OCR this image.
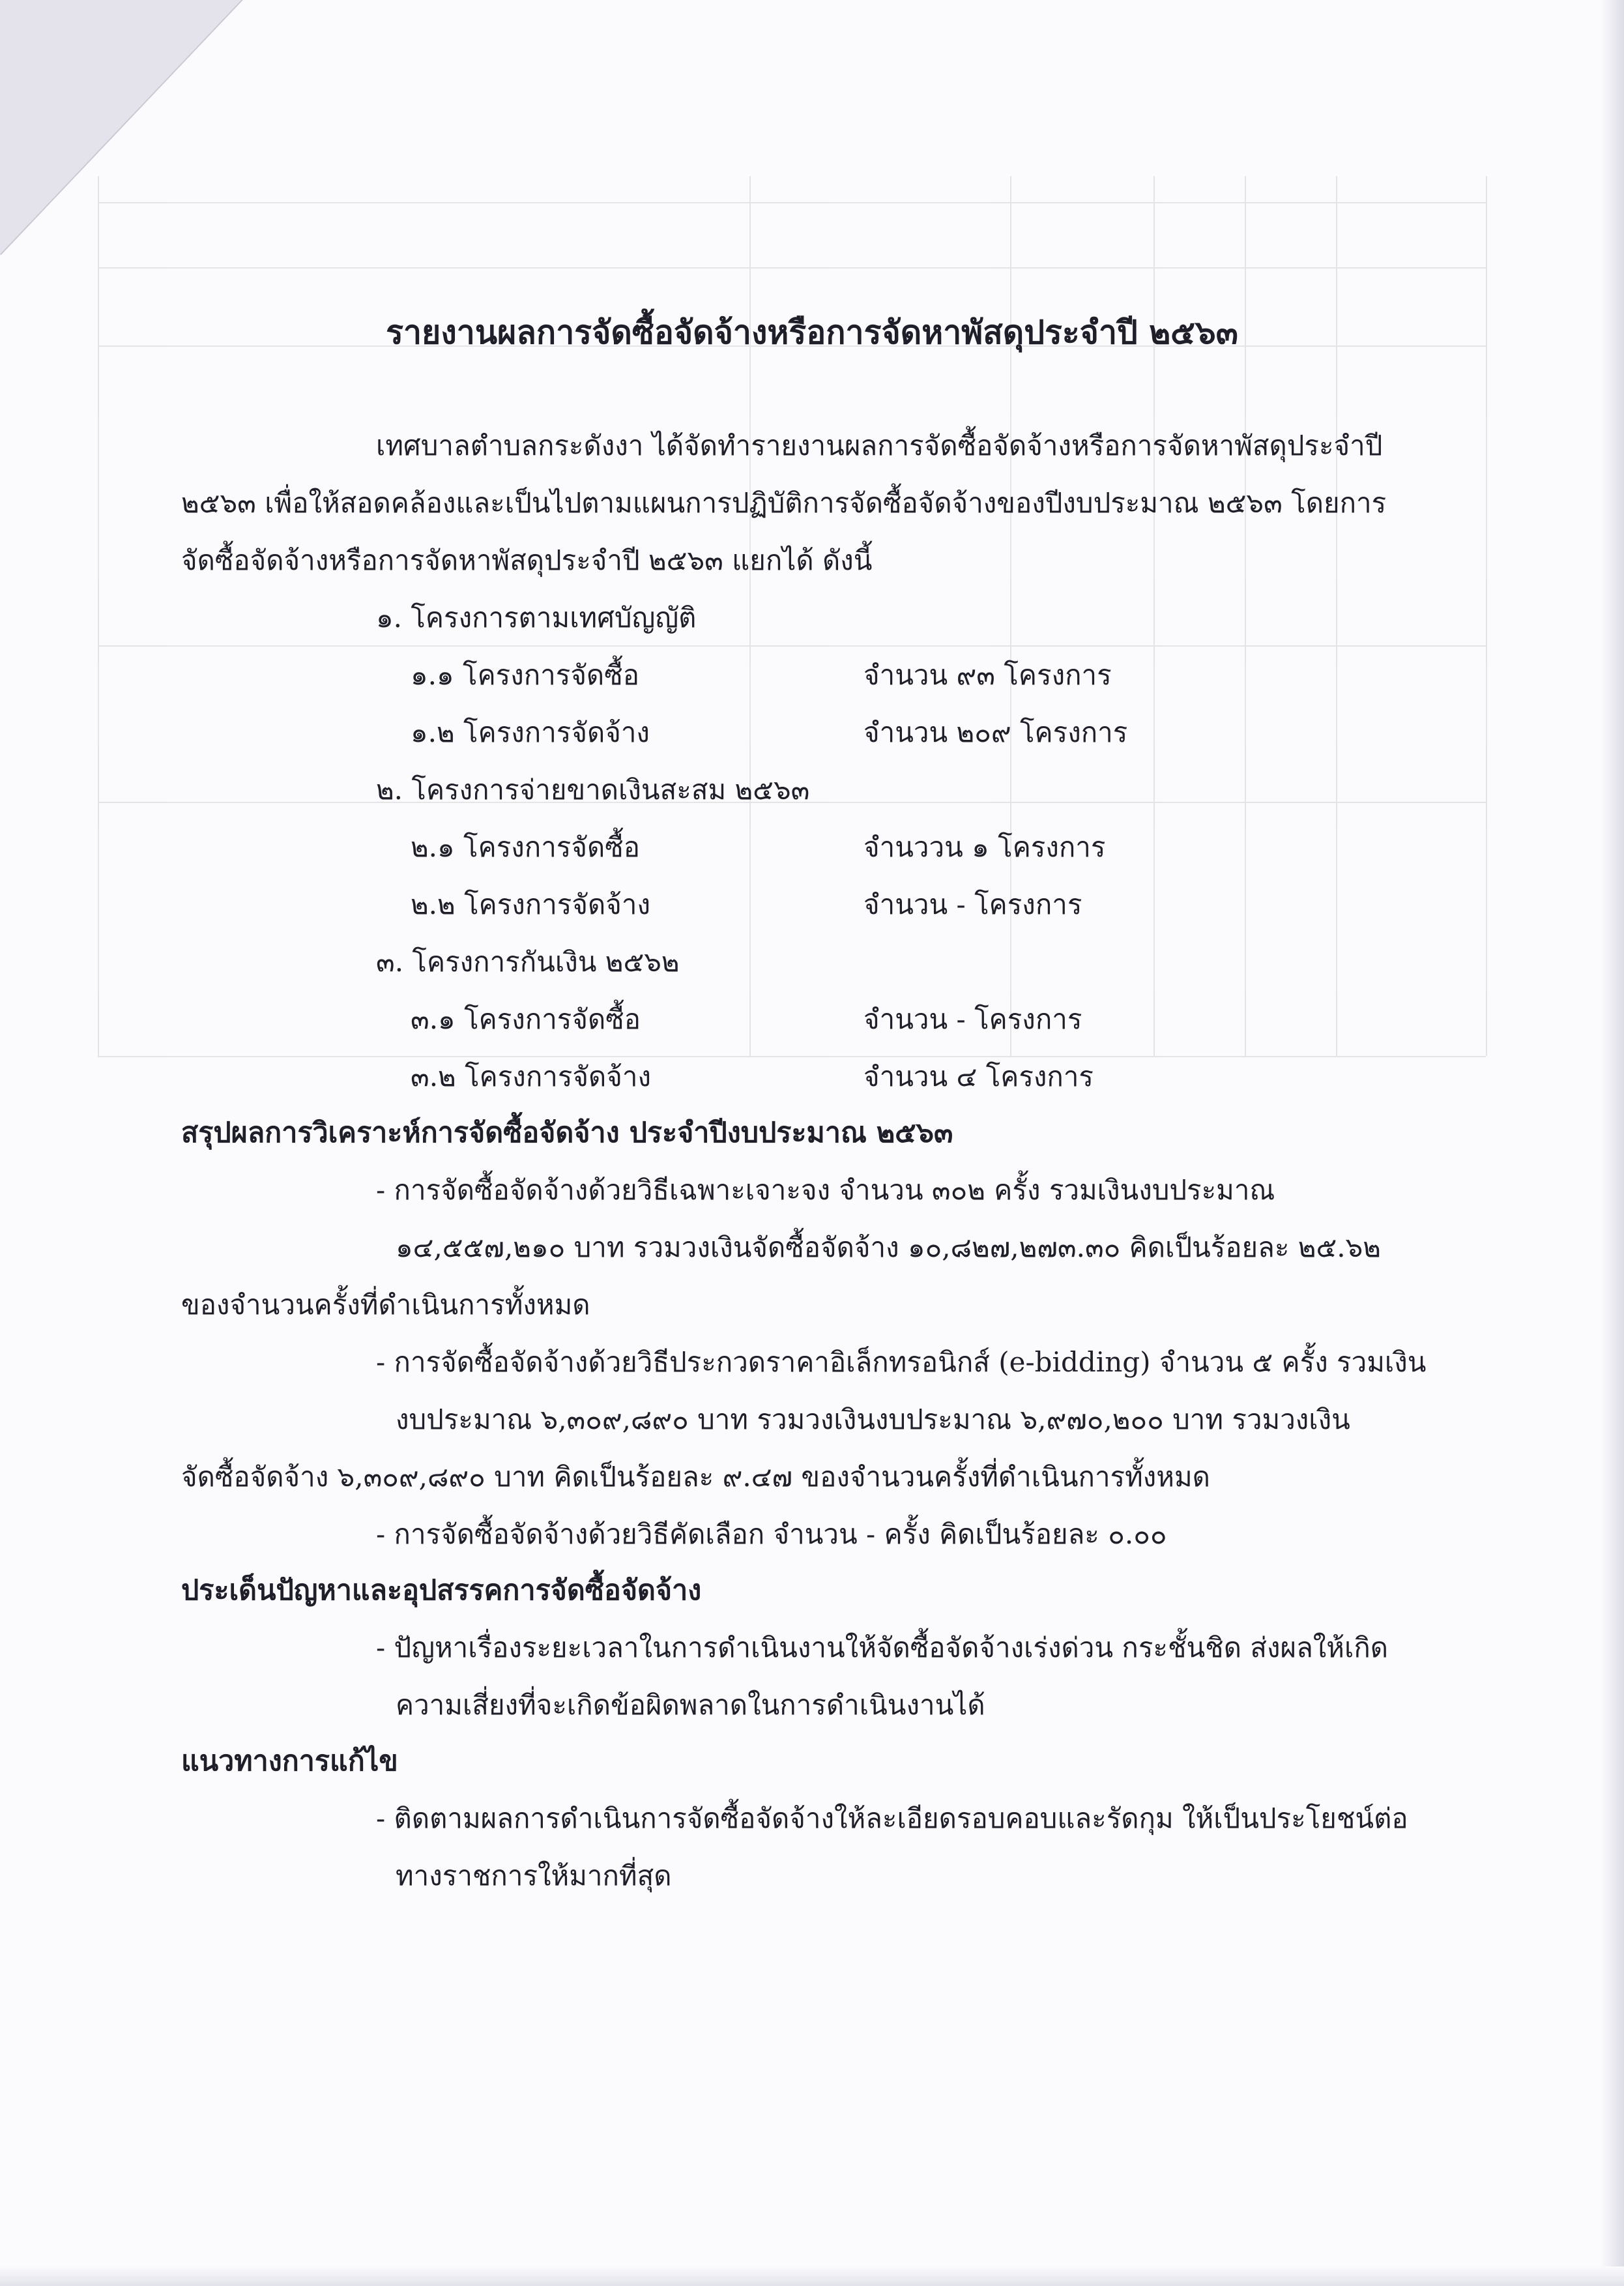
รายงานผลการจัดซื้อจัดจ้างหรือการจัดหาพัสดุประจำปี ๒๕๖๓
เทศบาลตำบลกระดังงา ได้จัดทำรายงานผลการจัดซื้อจัดจ้างหรือการจัดหาพัสดุประจำปี
๒๕๖๓ เพื่อให้สอดคล้องและเป็นไปตามแผนการปฏิบัติการจัดซื้อจัดจ้างของปีงบประมาณ ๒๕๖๓ โดยการ
จัดซื้อจัดจ้างหรือการจัดหาพัสดุประจำปี ๒๕๖๓ แยกได้ ดังนี้
๑. โครงการตามเทศบัญญัติ
๑.๑ โครงการจัดซื้อ	จำนวน ๙๓ โครงการ
๑.๒ โครงการจัดจ้าง	จำนวน ๒๐๙ โครงการ
๒. โครงการจ่ายขาดเงินสะสม ๒๕๖๓
๒.๑ โครงการจัดซื้อ	จำนววน ๑ โครงการ
๒.๒ โครงการจัดจ้าง	จำนวน - โครงการ
๓. โครงการกันเงิน ๒๕๖๒
๓.๑ โครงการจัดซื้อ	จำนวน - โครงการ
๓.๒ โครงการจัดจ้าง	จำนวน ๔ โครงการ
สรุปผลการวิเคราะห์การจัดซื้อจัดจ้าง ประจำปีงบประมาณ ๒๕๖๓
- การจัดซื้อจัดจ้างด้วยวิธีเฉพาะเจาะจง จำนวน ๓๐๒ ครั้ง รวมเงินงบประมาณ
๑๔,๕๕๗,๒๑๐ บาท รวมวงเงินจัดซื้อจัดจ้าง ๑๐,๘๒๗,๒๗๓.๓๐ คิดเป็นร้อยละ ๒๕.๖๒
ของจำนวนครั้งที่ดำเนินการทั้งหมด
- การจัดซื้อจัดจ้างด้วยวิธีประกวดราคาอิเล็กทรอนิกส์ (e-bidding) จำนวน ๕ ครั้ง รวมเงิน
งบประมาณ ๖,๓๐๙,๘๙๐ บาท รวมวงเงินงบประมาณ ๖,๙๗๐,๒๐๐ บาท รวมวงเงิน
จัดซื้อจัดจ้าง ๖,๓๐๙,๘๙๐ บาท คิดเป็นร้อยละ ๙.๔๗ ของจำนวนครั้งที่ดำเนินการทั้งหมด
- การจัดซื้อจัดจ้างด้วยวิธีคัดเลือก จำนวน - ครั้ง คิดเป็นร้อยละ ๐.๐๐
ประเด็นปัญหาและอุปสรรคการจัดซื้อจัดจ้าง
- ปัญหาเรื่องระยะเวลาในการดำเนินงานให้จัดซื้อจัดจ้างเร่งด่วน กระชั้นชิด ส่งผลให้เกิด
ความเสี่ยงที่จะเกิดข้อผิดพลาดในการดำเนินงานได้
แนวทางการแก้ไข
- ติดตามผลการดำเนินการจัดซื้อจัดจ้างให้ละเอียดรอบคอบและรัดกุม ให้เป็นประโยชน์ต่อ
ทางราชการให้มากที่สุด
